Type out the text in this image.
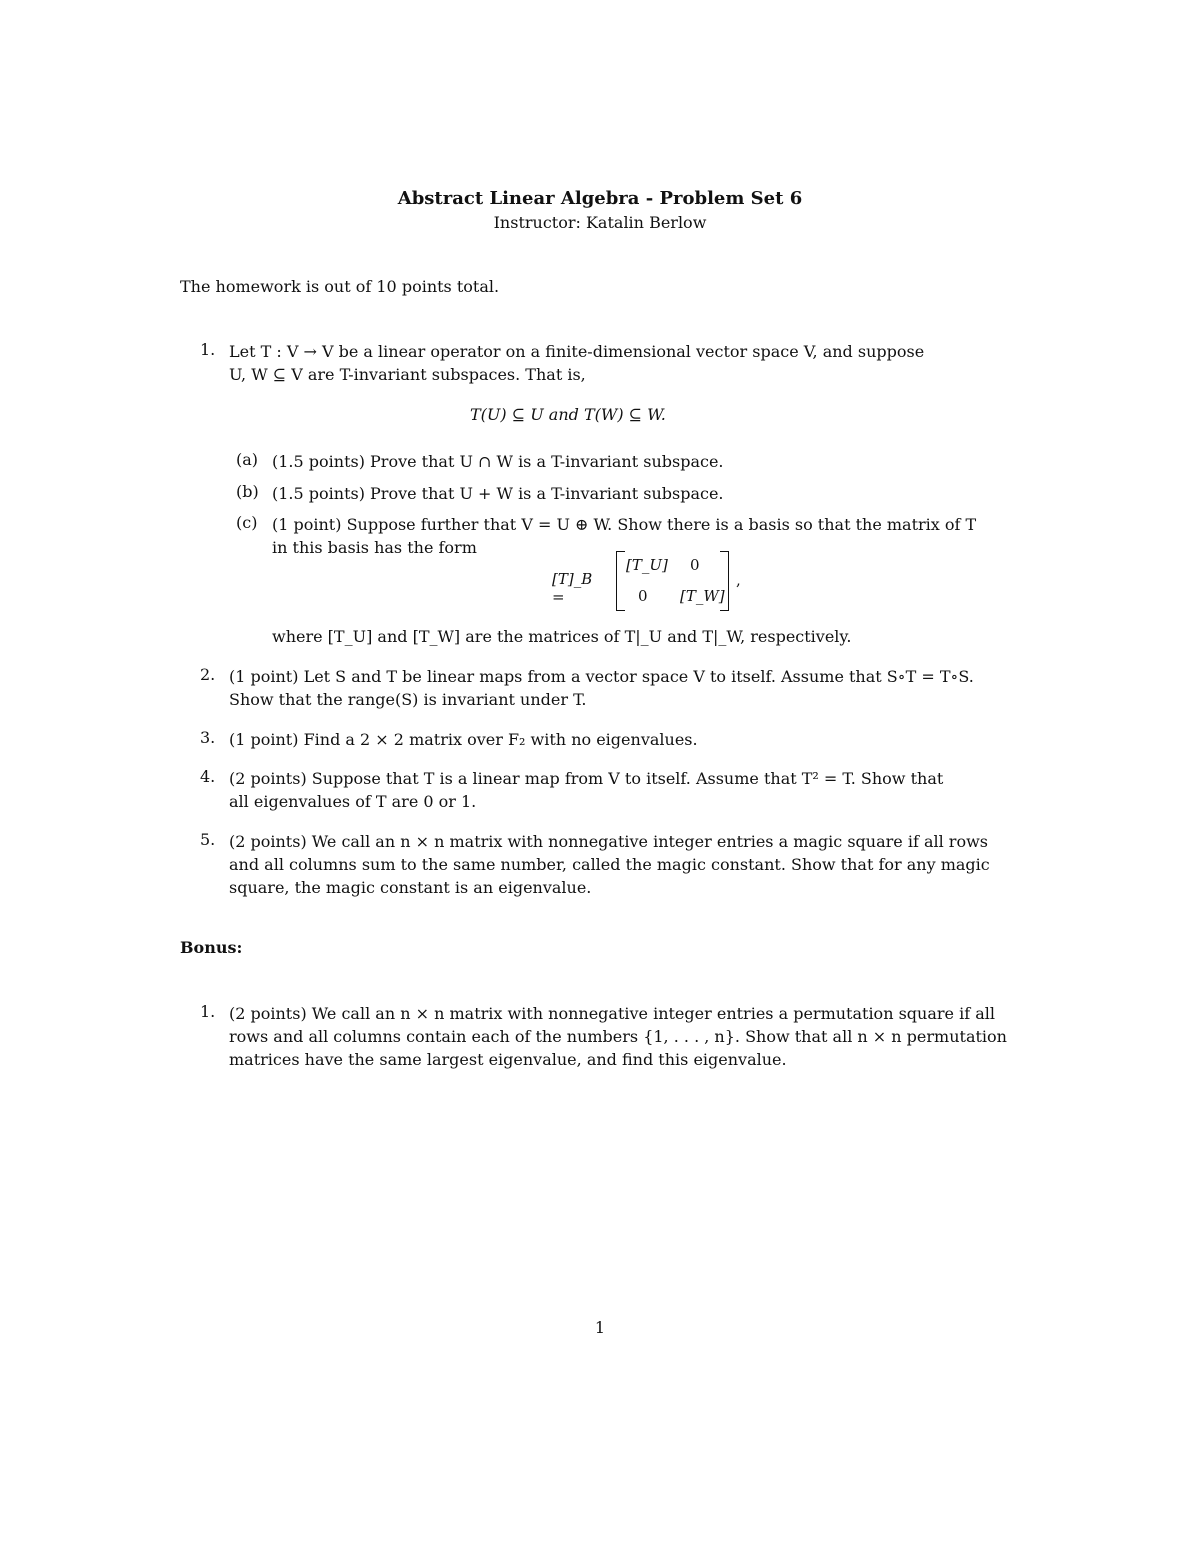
Abstract Linear Algebra - Problem Set 6
Instructor: Katalin Berlow
The homework is out of 10 points total.
1. Let T : V → V be a linear operator on a finite-dimensional vector space V, and suppose
U, W ⊆ V are T-invariant subspaces. That is,
T(U) ⊆ U and T(W) ⊆ W.
(a) (1.5 points) Prove that U ∩ W is a T-invariant subspace.
(b) (1.5 points) Prove that U + W is a T-invariant subspace.
(c) (1 point) Suppose further that V = U ⊕ W. Show there is a basis so that the matrix of T
in this basis has the form
[T]_B =
[T_U] 0
0 [T_W]
,
where [T_U] and [T_W] are the matrices of T|_U and T|_W, respectively.
2. (1 point) Let S and T be linear maps from a vector space V to itself. Assume that S∘T = T∘S.
Show that the range(S) is invariant under T.
3. (1 point) Find a 2 × 2 matrix over F₂ with no eigenvalues.
4. (2 points) Suppose that T is a linear map from V to itself. Assume that T² = T. Show that
all eigenvalues of T are 0 or 1.
5. (2 points) We call an n × n matrix with nonnegative integer entries a magic square if all rows
and all columns sum to the same number, called the magic constant. Show that for any magic
square, the magic constant is an eigenvalue.
Bonus:
1. (2 points) We call an n × n matrix with nonnegative integer entries a permutation square if all
rows and all columns contain each of the numbers {1, . . . , n}. Show that all n × n permutation
matrices have the same largest eigenvalue, and find this eigenvalue.
1
